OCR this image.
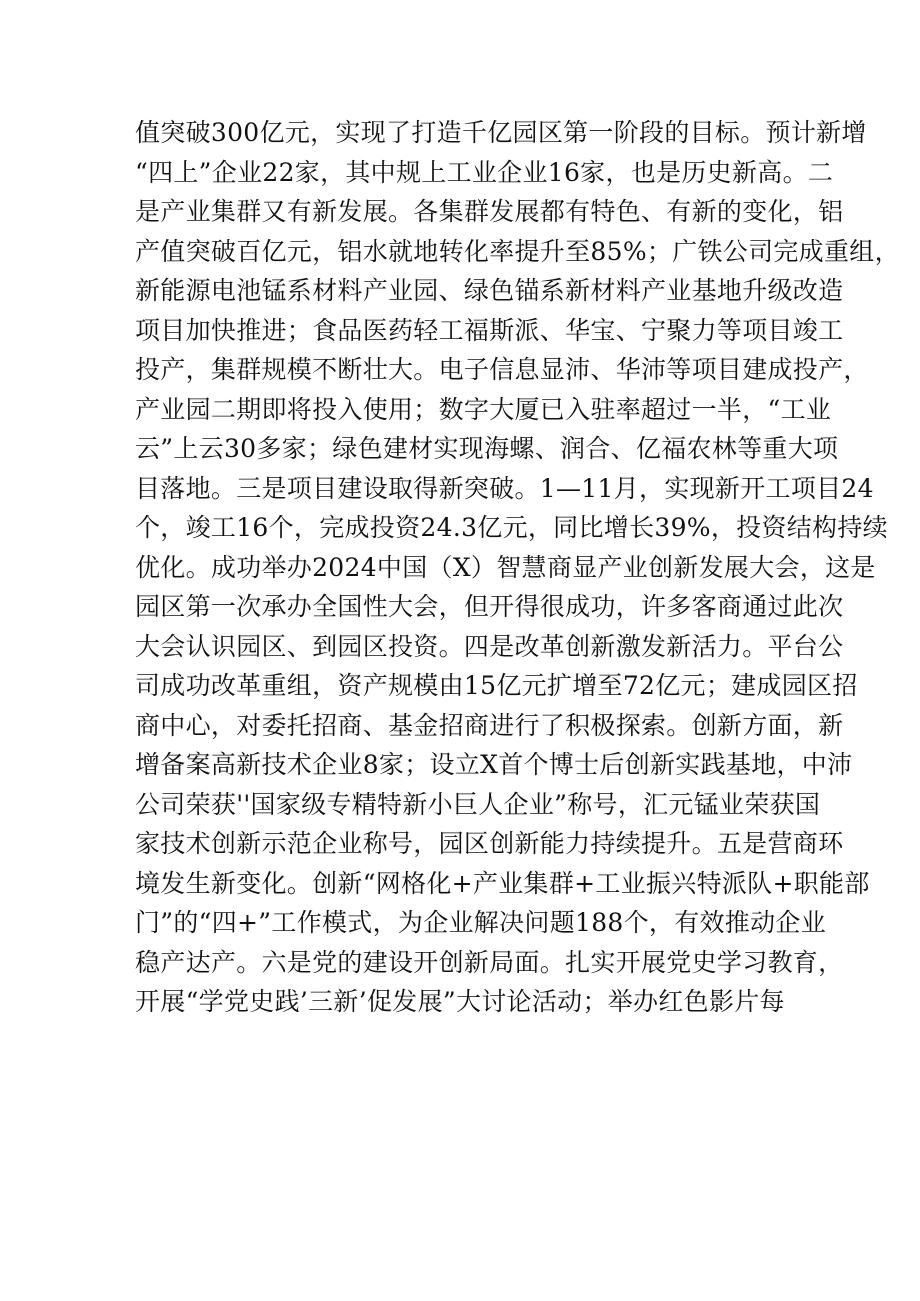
值突破300亿元，实现了打造千亿园区第一阶段的目标。预计新增
“四上”企业22家，其中规上工业企业16家，也是历史新高。二
是产业集群又有新发展。各集群发展都有特色、有新的变化，铝
产值突破百亿元，铝水就地转化率提升至85%；广铁公司完成重组，
新能源电池锰系材料产业园、绿色锚系新材料产业基地升级改造
项目加快推进；食品医药轻工福斯派、华宝、宁聚力等项目竣工
投产，集群规模不断壮大。电子信息显沛、华沛等项目建成投产，
产业园二期即将投入使用；数字大厦已入驻率超过一半，“工业
云”上云30多家；绿色建材实现海螺、润合、亿福农林等重大项
目落地。三是项目建设取得新突破。1—11月，实现新开工项目24
个，竣工16个，完成投资24.3亿元，同比增长39%，投资结构持续
优化。成功举办2024中国（X）智慧商显产业创新发展大会，这是
园区第一次承办全国性大会，但开得很成功，许多客商通过此次
大会认识园区、到园区投资。四是改革创新激发新活力。平台公
司成功改革重组，资产规模由15亿元扩增至72亿元；建成园区招
商中心，对委托招商、基金招商进行了积极探索。创新方面，新
增备案高新技术企业8家；设立X首个博士后创新实践基地，中沛
公司荣获''国家级专精特新小巨人企业”称号，汇元锰业荣获国
家技术创新示范企业称号，园区创新能力持续提升。五是营商环
境发生新变化。创新“网格化+产业集群+工业振兴特派队+职能部
门”的“四+”工作模式，为企业解决问题188个，有效推动企业
稳产达产。六是党的建设开创新局面。扎实开展党史学习教育，
开展“学党史践’三新’促发展”大讨论活动；举办红色影片每
